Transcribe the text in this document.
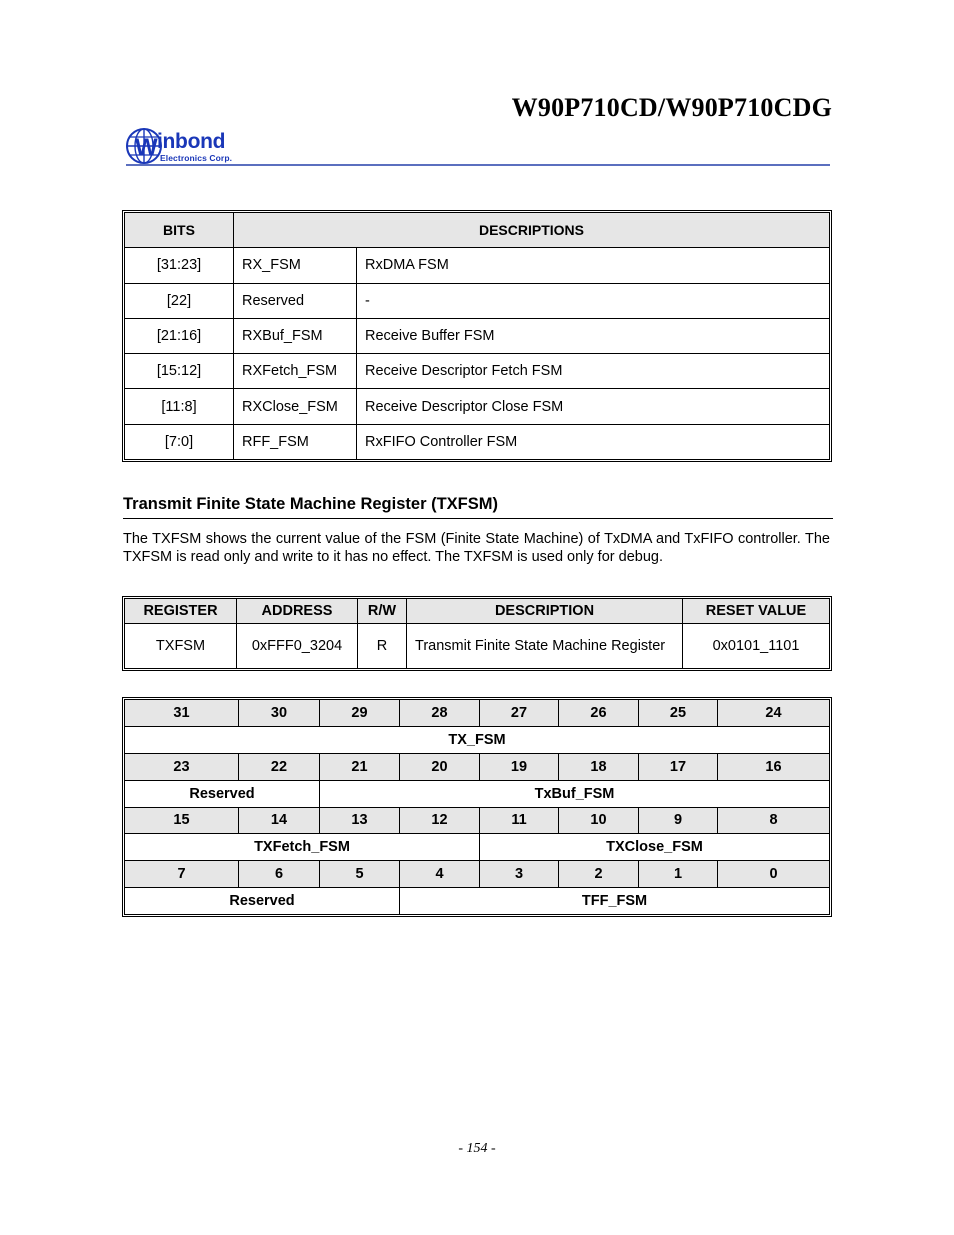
W90P710CD/W90P710CDG
W inbond
Electronics Corp.
BITS	DESCRIPTIONS	
[31:23]	RX_FSM	RxDMA FSM
[22]	Reserved	-
[21:16]	RXBuf_FSM	Receive Buffer FSM
[15:12]	RXFetch_FSM	Receive Descriptor Fetch FSM
[11:8]	RXClose_FSM	Receive Descriptor Close FSM
[7:0]	RFF_FSM	RxFIFO Controller FSM
Transmit Finite State Machine Register (TXFSM)
The TXFSM shows the current value of the FSM (Finite State Machine) of TxDMA and TxFIFO controller. The TXFSM is read only and write to it has no effect. The TXFSM is used only for debug.
REGISTER	ADDRESS	R/W	DESCRIPTION	RESET VALUE
TXFSM	0xFFF0_3204	R	Transmit Finite State Machine Register	0x0101_1101
31	30	29	28	27	26	25	24
TX_FSM							
23	22	21	20	19	18	17	16
Reserved		TxBuf_FSM					
15	14	13	12	11	10	9	8
TXFetch_FSM				TXClose_FSM			
7	6	5	4	3	2	1	0
Reserved			TFF_FSM				
- 154 -
